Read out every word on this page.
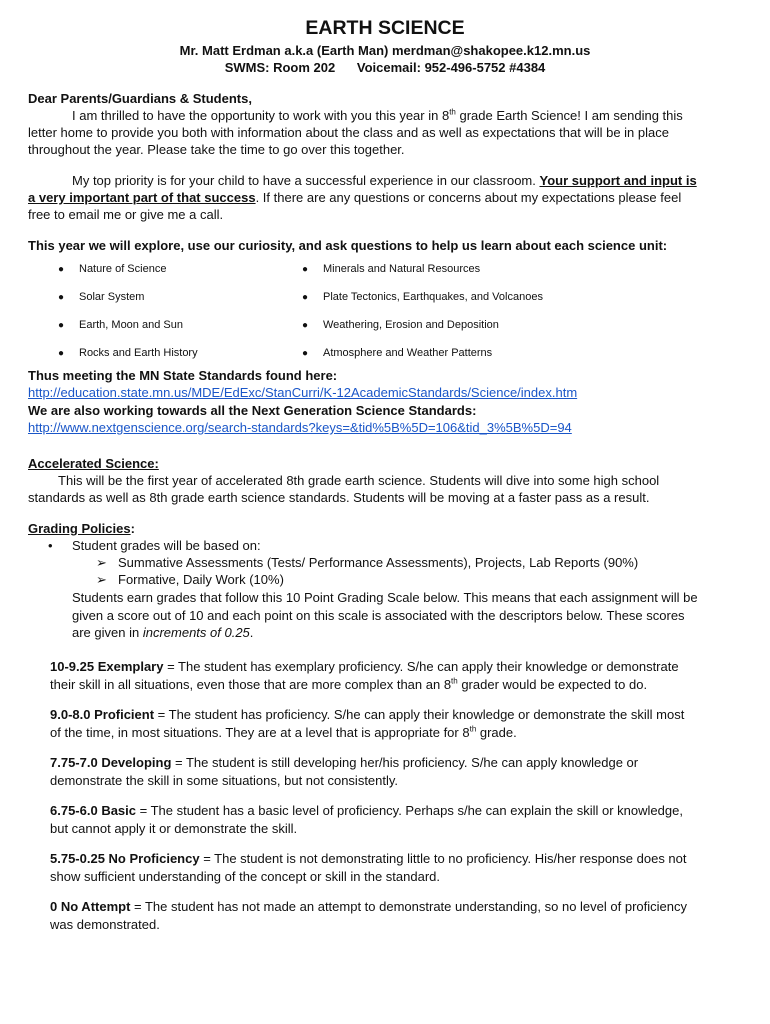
EARTH SCIENCE
Mr. Matt Erdman a.k.a (Earth Man) merdman@shakopee.k12.mn.us
SWMS: Room 202 Voicemail: 952-496-5752 #4384
Dear Parents/Guardians & Students,
I am thrilled to have the opportunity to work with you this year in 8th grade Earth Science! I am sending this
letter home to provide you both with information about the class and as well as expectations that will be in place
throughout the year. Please take the time to go over this together.
My top priority is for your child to have a successful experience in our classroom. Your support and input is
a very important part of that success. If there are any questions or concerns about my expectations please feel
free to email me or give me a call.
This year we will explore, use our curiosity, and ask questions to help us learn about each science unit:
● Nature of Science	● Minerals and Natural Resources
● Solar System	● Plate Tectonics, Earthquakes, and Volcanoes
● Earth, Moon and Sun	● Weathering, Erosion and Deposition
● Rocks and Earth History	● Atmosphere and Weather Patterns
Thus meeting the MN State Standards found here:
http://education.state.mn.us/MDE/EdExc/StanCurri/K-12AcademicStandards/Science/index.htm
We are also working towards all the Next Generation Science Standards:
http://www.nextgenscience.org/search-standards?keys=&tid%5B%5D=106&tid_3%5B%5D=94
Accelerated Science:
This will be the first year of accelerated 8th grade earth science. Students will dive into some high school
standards as well as 8th grade earth science standards. Students will be moving at a faster pass as a result.
Grading Policies:
• Student grades will be based on:
➢ Summative Assessments (Tests/ Performance Assessments), Projects, Lab Reports (90%)
➢ Formative, Daily Work (10%)
Students earn grades that follow this 10 Point Grading Scale below. This means that each assignment will be
given a score out of 10 and each point on this scale is associated with the descriptors below. These scores
are given in increments of 0.25.
10-9.25 Exemplary = The student has exemplary proficiency. S/he can apply their knowledge or demonstrate
their skill in all situations, even those that are more complex than an 8th grader would be expected to do.
9.0-8.0 Proficient = The student has proficiency. S/he can apply their knowledge or demonstrate the skill most
of the time, in most situations. They are at a level that is appropriate for 8th grade.
7.75-7.0 Developing = The student is still developing her/his proficiency. S/he can apply knowledge or
demonstrate the skill in some situations, but not consistently.
6.75-6.0 Basic = The student has a basic level of proficiency. Perhaps s/he can explain the skill or knowledge,
but cannot apply it or demonstrate the skill.
5.75-0.25 No Proficiency = The student is not demonstrating little to no proficiency. His/her response does not
show sufficient understanding of the concept or skill in the standard.
0 No Attempt = The student has not made an attempt to demonstrate understanding, so no level of proficiency
was demonstrated.
